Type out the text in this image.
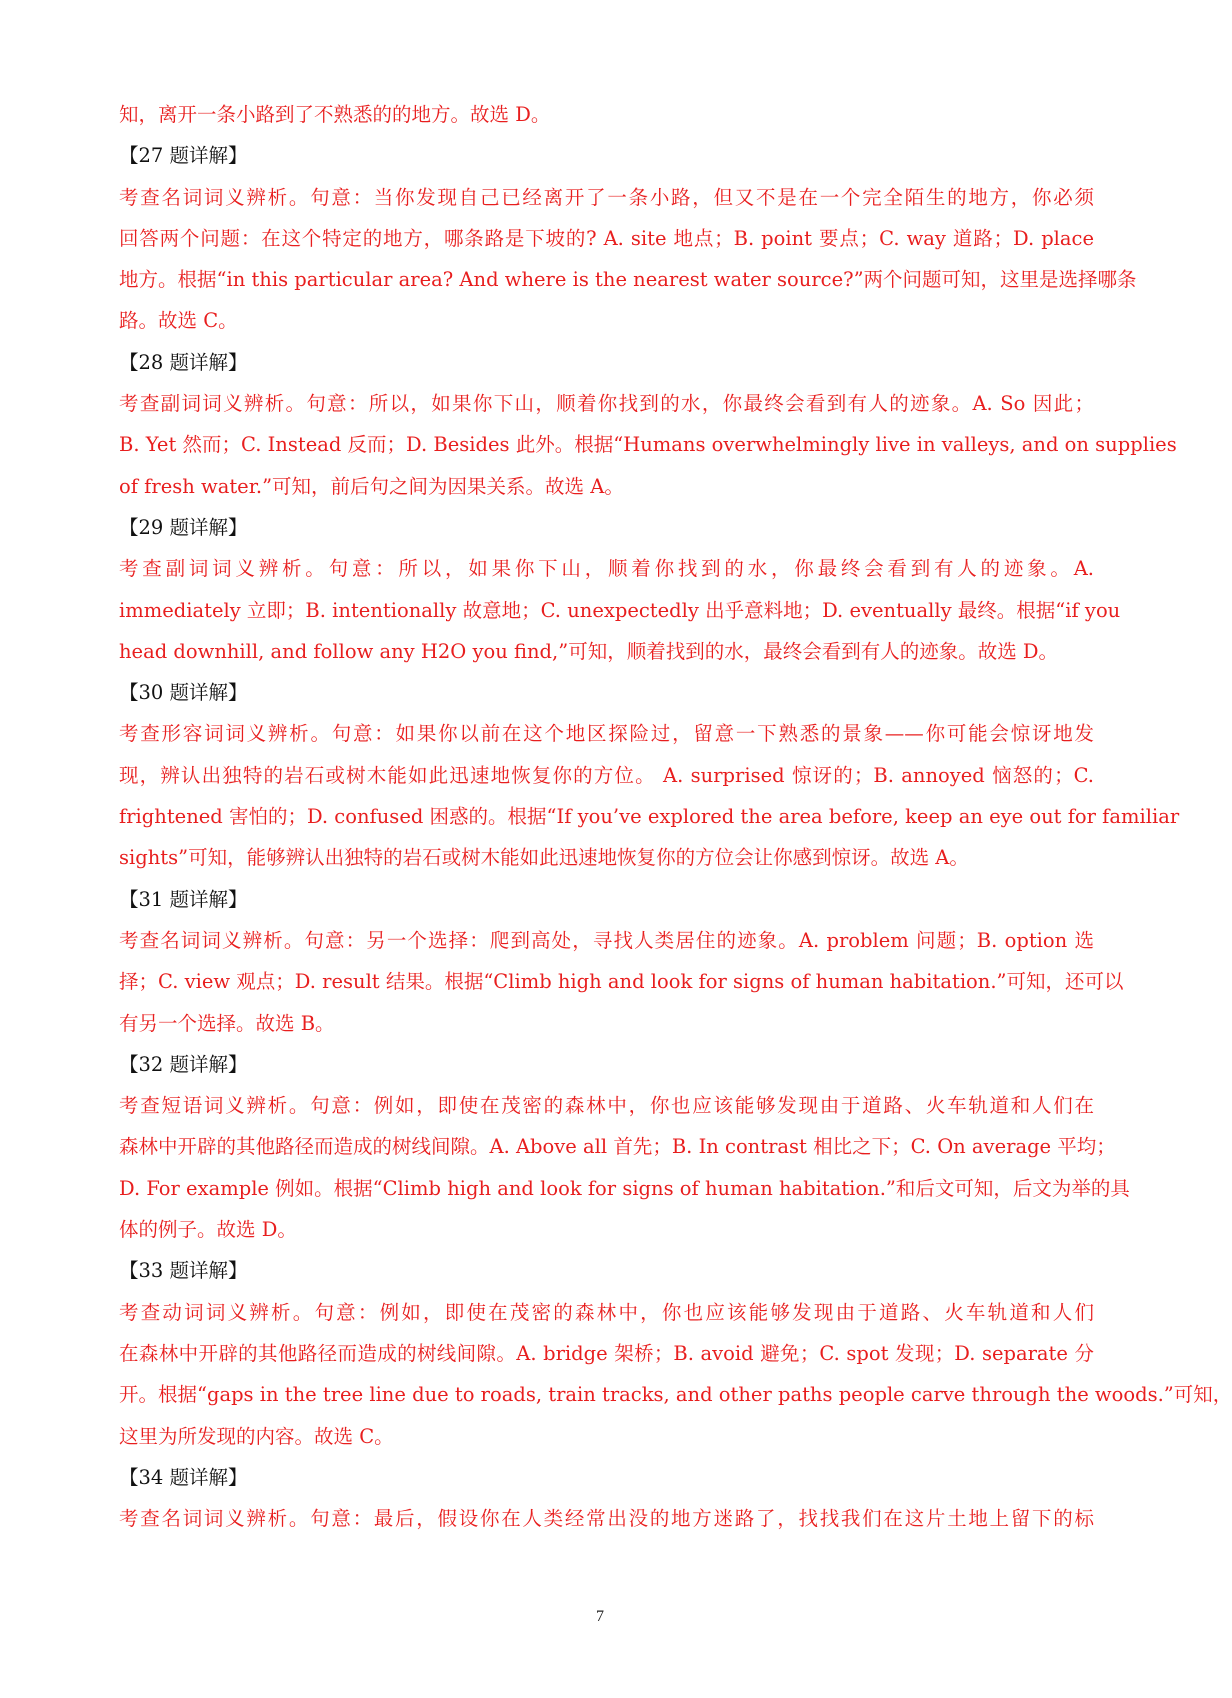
知，离开一条小路到了不熟悉的的地方。故选 D。
【27 题详解】
考查名词词义辨析。句意：当你发现自己已经离开了一条小路，但又不是在一个完全陌生的地方，你必须
回答两个问题：在这个特定的地方，哪条路是下坡的? A. site 地点；B. point 要点；C. way 道路；D. place
地方。根据“in this particular area? And where is the nearest water source?”两个问题可知，这里是选择哪条
路。故选 C。
【28 题详解】
考查副词词义辨析。句意：所以，如果你下山，顺着你找到的水，你最终会看到有人的迹象。A. So 因此；
B. Yet 然而；C. Instead 反而；D. Besides 此外。根据“Humans overwhelmingly live in valleys, and on supplies
of fresh water.”可知，前后句之间为因果关系。故选 A。
【29 题详解】
考查副词词义辨析。句意：所以，如果你下山，顺着你找到的水，你最终会看到有人的迹象。A.
immediately 立即；B. intentionally 故意地；C. unexpectedly 出乎意料地；D. eventually 最终。根据“if you
head downhill, and follow any H2O you find,”可知，顺着找到的水，最终会看到有人的迹象。故选 D。
【30 题详解】
考查形容词词义辨析。句意：如果你以前在这个地区探险过，留意一下熟悉的景象——你可能会惊讶地发
现，辨认出独特的岩石或树木能如此迅速地恢复你的方位。 A. surprised 惊讶的；B. annoyed 恼怒的；C.
frightened 害怕的；D. confused 困惑的。根据“If you’ve explored the area before, keep an eye out for familiar
sights”可知，能够辨认出独特的岩石或树木能如此迅速地恢复你的方位会让你感到惊讶。故选 A。
【31 题详解】
考查名词词义辨析。句意：另一个选择：爬到高处，寻找人类居住的迹象。A. problem 问题；B. option 选
择；C. view 观点；D. result 结果。根据“Climb high and look for signs of human habitation.”可知，还可以
有另一个选择。故选 B。
【32 题详解】
考查短语词义辨析。句意：例如，即使在茂密的森林中，你也应该能够发现由于道路、火车轨道和人们在
森林中开辟的其他路径而造成的树线间隙。A. Above all 首先；B. In contrast 相比之下；C. On average 平均；
D. For example 例如。根据“Climb high and look for signs of human habitation.”和后文可知，后文为举的具
体的例子。故选 D。
【33 题详解】
考查动词词义辨析。句意：例如，即使在茂密的森林中，你也应该能够发现由于道路、火车轨道和人们
在森林中开辟的其他路径而造成的树线间隙。A. bridge 架桥；B. avoid 避免；C. spot 发现；D. separate 分
开。根据“gaps in the tree line due to roads, train tracks, and other paths people carve through the woods.”可知，
这里为所发现的内容。故选 C。
【34 题详解】
考查名词词义辨析。句意：最后，假设你在人类经常出没的地方迷路了，找找我们在这片土地上留下的标
7
